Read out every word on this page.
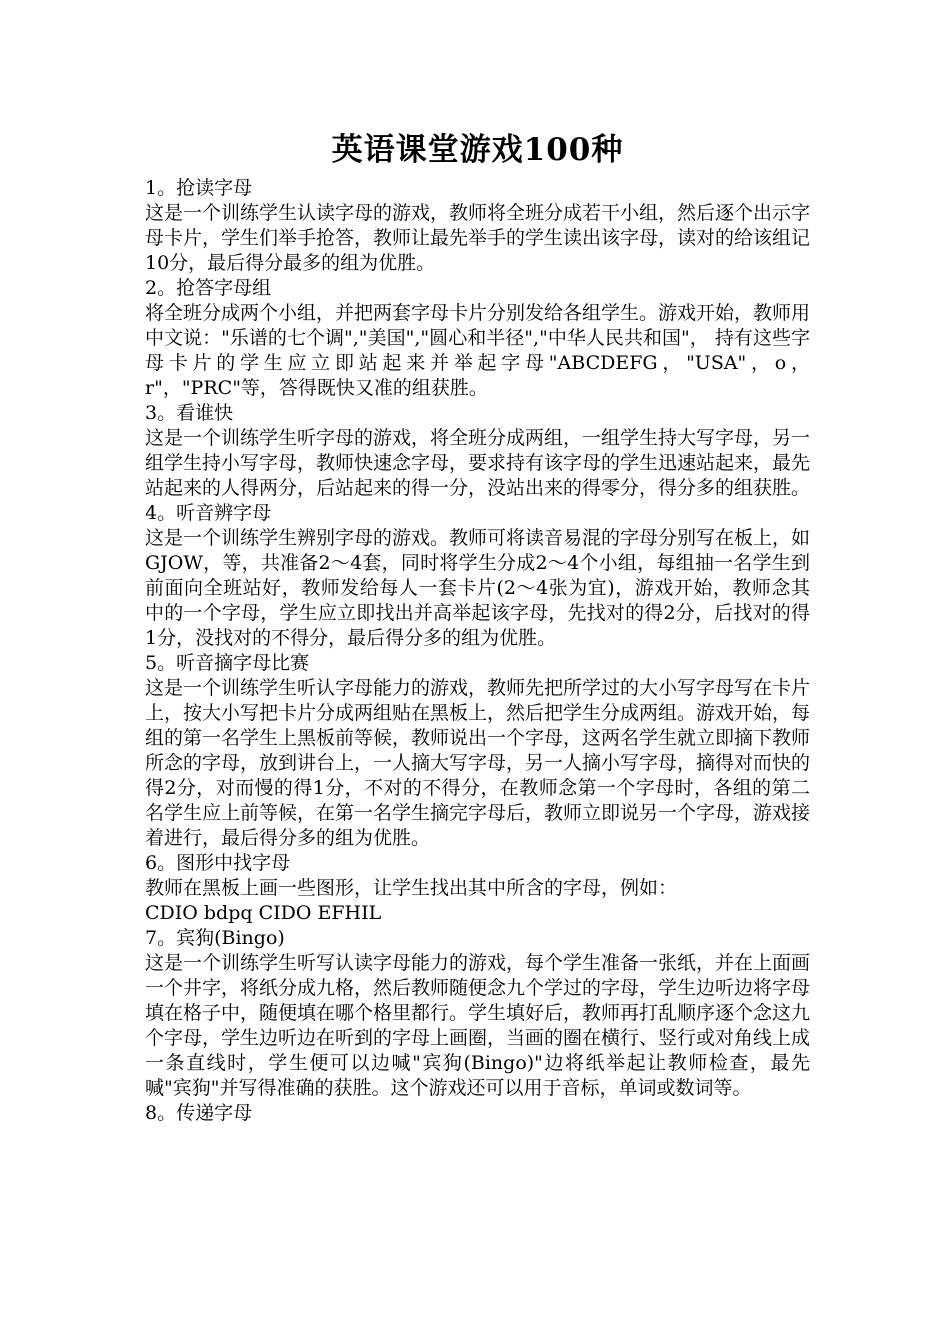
英语课堂游戏100种

1。抢读字母

这是一个训练学生认读字母的游戏，教师将全班分成若干小组，然后逐个出示字母卡片，学生们举手抢答，教师让最先举手的学生读出该字母，读对的给该组记10分，最后得分最多的组为优胜。

2。抢答字母组

将全班分成两个小组，并把两套字母卡片分别发给各组学生。游戏开始，教师用中文说："乐谱的七个调","美国","圆心和半径","中华人民共和国"， 持有这些字母卡片的学生应立即站起来并举起字母"ABCDEFG，"USA"，o，r"，"PRC"等，答得既快又准的组获胜。

3。看谁快

这是一个训练学生听字母的游戏，将全班分成两组，一组学生持大写字母，另一组学生持小写字母，教师快速念字母，要求持有该字母的学生迅速站起来，最先站起来的人得两分，后站起来的得一分，没站出来的得零分，得分多的组获胜。

4。听音辨字母

这是一个训练学生辨别字母的游戏。教师可将读音易混的字母分别写在板上，如GJOW，等，共准备2～4套，同时将学生分成2～4个小组，每组抽一名学生到前面向全班站好，教师发给每人一套卡片(2～4张为宜)，游戏开始，教师念其中的一个字母，学生应立即找出并高举起该字母，先找对的得2分，后找对的得1分，没找对的不得分，最后得分多的组为优胜。

5。听音摘字母比赛

这是一个训练学生听认字母能力的游戏，教师先把所学过的大小写字母写在卡片上，按大小写把卡片分成两组贴在黑板上，然后把学生分成两组。游戏开始，每组的第一名学生上黑板前等候，教师说出一个字母，这两名学生就立即摘下教师所念的字母，放到讲台上，一人摘大写字母，另一人摘小写字母，摘得对而快的得2分，对而慢的得1分，不对的不得分，在教师念第一个字母时，各组的第二名学生应上前等候，在第一名学生摘完字母后，教师立即说另一个字母，游戏接着进行，最后得分多的组为优胜。

6。图形中找字母

教师在黑板上画一些图形，让学生找出其中所含的字母，例如：

CDIO bdpq CIDO EFHIL

7。宾狗(Bingo)

这是一个训练学生听写认读字母能力的游戏，每个学生准备一张纸，并在上面画一个井字，将纸分成九格，然后教师随便念九个学过的字母，学生边听边将字母填在格子中，随便填在哪个格里都行。学生填好后，教师再打乱顺序逐个念这九个字母，学生边听边在听到的字母上画圈，当画的圈在横行、竖行或对角线上成一条直线时，学生便可以边喊"宾狗(Bingo)"边将纸举起让教师检查，最先喊"宾狗"并写得准确的获胜。这个游戏还可以用于音标，单词或数词等。

8。传递字母
